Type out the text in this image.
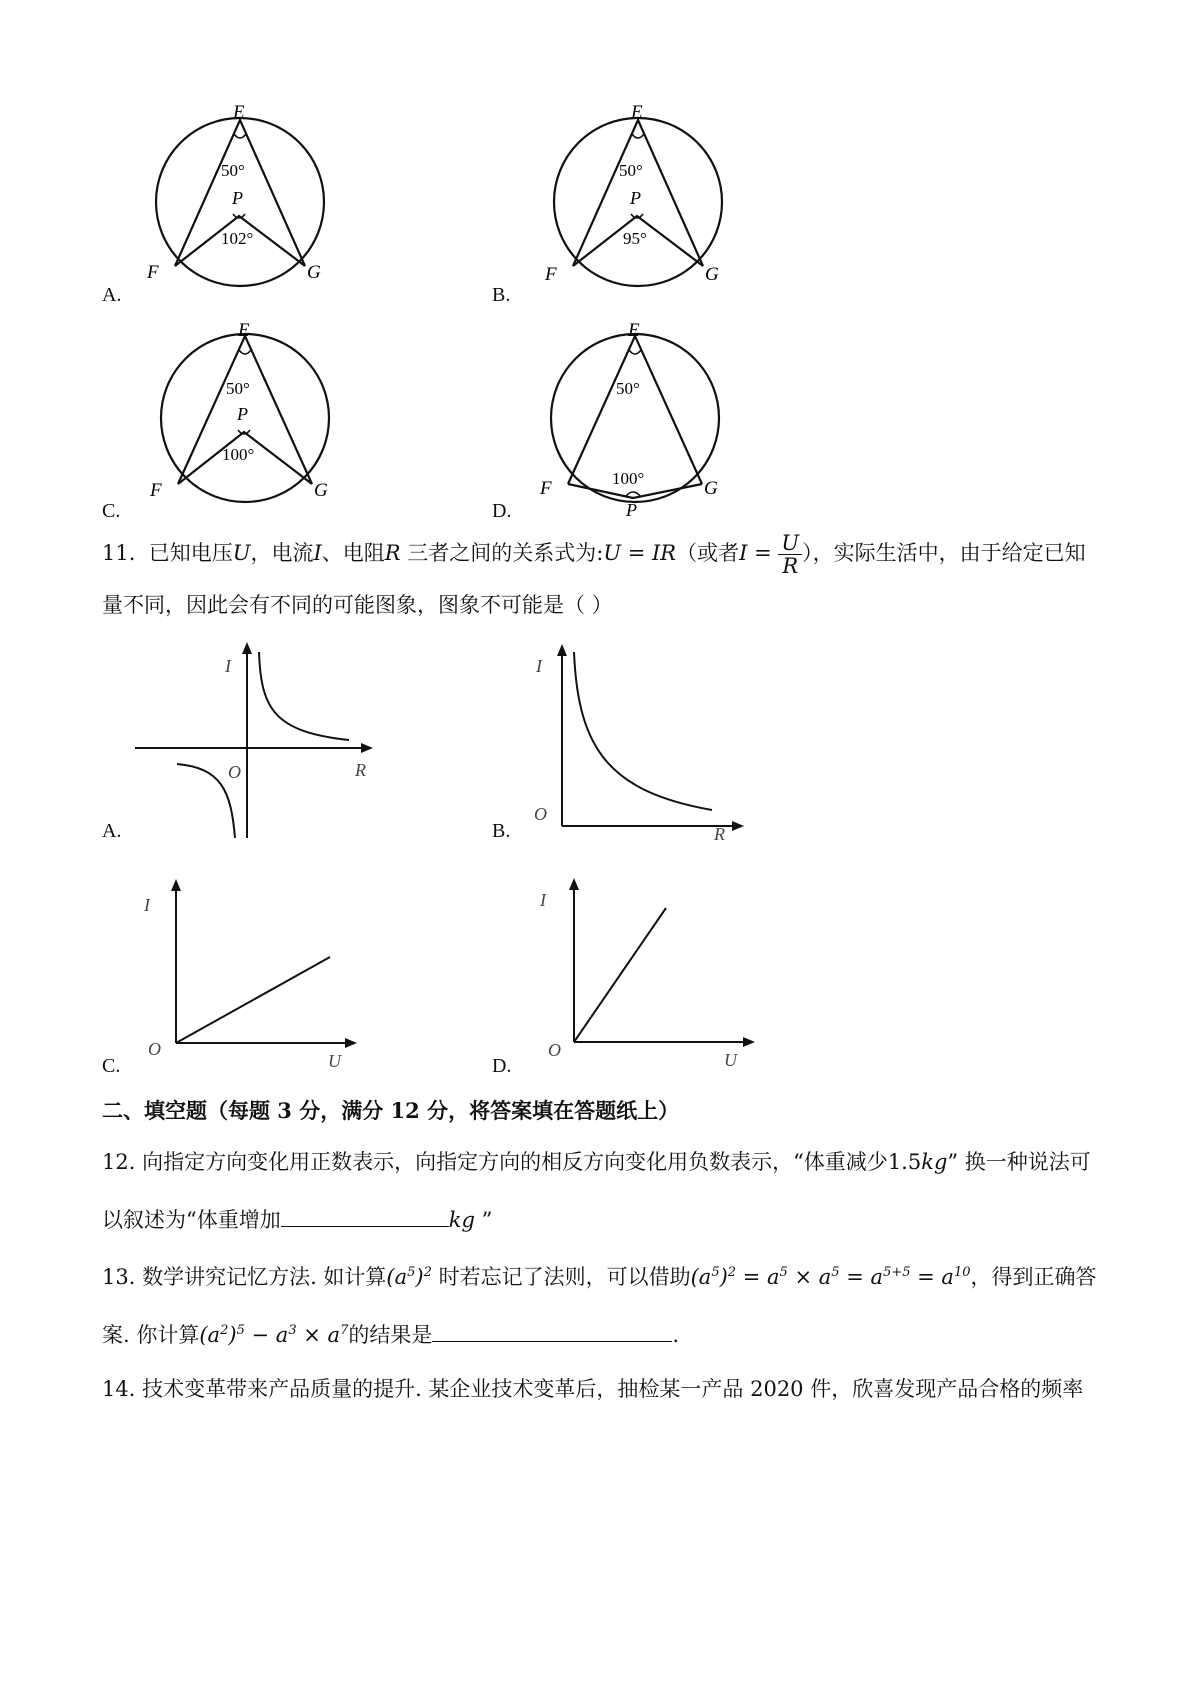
A.	B.
C.	D.
E
50°
P
102°
F	G
E
50°
P
95°
F	G
E
50°
P
100°
F	G
E
50°
100°
P
F	G
11. 已知电压U，电流I、电阻R 三者之间的关系式为:U = IR（或者$I = \frac{U}{R}$ ），实际生活中，由于给定已知
量不同，因此会有不同的可能图象，图象不可能是（ ）
A.	B.
C.	D.
I
O	R
I
O
R
I
O
U
I
O	U
二、填空题（每题 3 分，满分 12 分，将答案填在答题纸上）
12. 向指定方向变化用正数表示，向指定方向的相反方向变化用负数表示，“体重减少1.5kg” 换一种说法可
以叙述为“体重增加	kg ”
13. 数学讲究记忆方法. 如计算$(a^5)^2$ 时若忘记了法则，可以借助$(a^5)^2 = a^5 \times a^5 = a^{5+5} = a^{10}$，得到正确答
案. 你计算$(a^2)^5 - a^3 \times a^7$的结果是	.
14. 技术变革带来产品质量的提升. 某企业技术变革后，抽检某一产品 2020 件，欣喜发现产品合格的频率
